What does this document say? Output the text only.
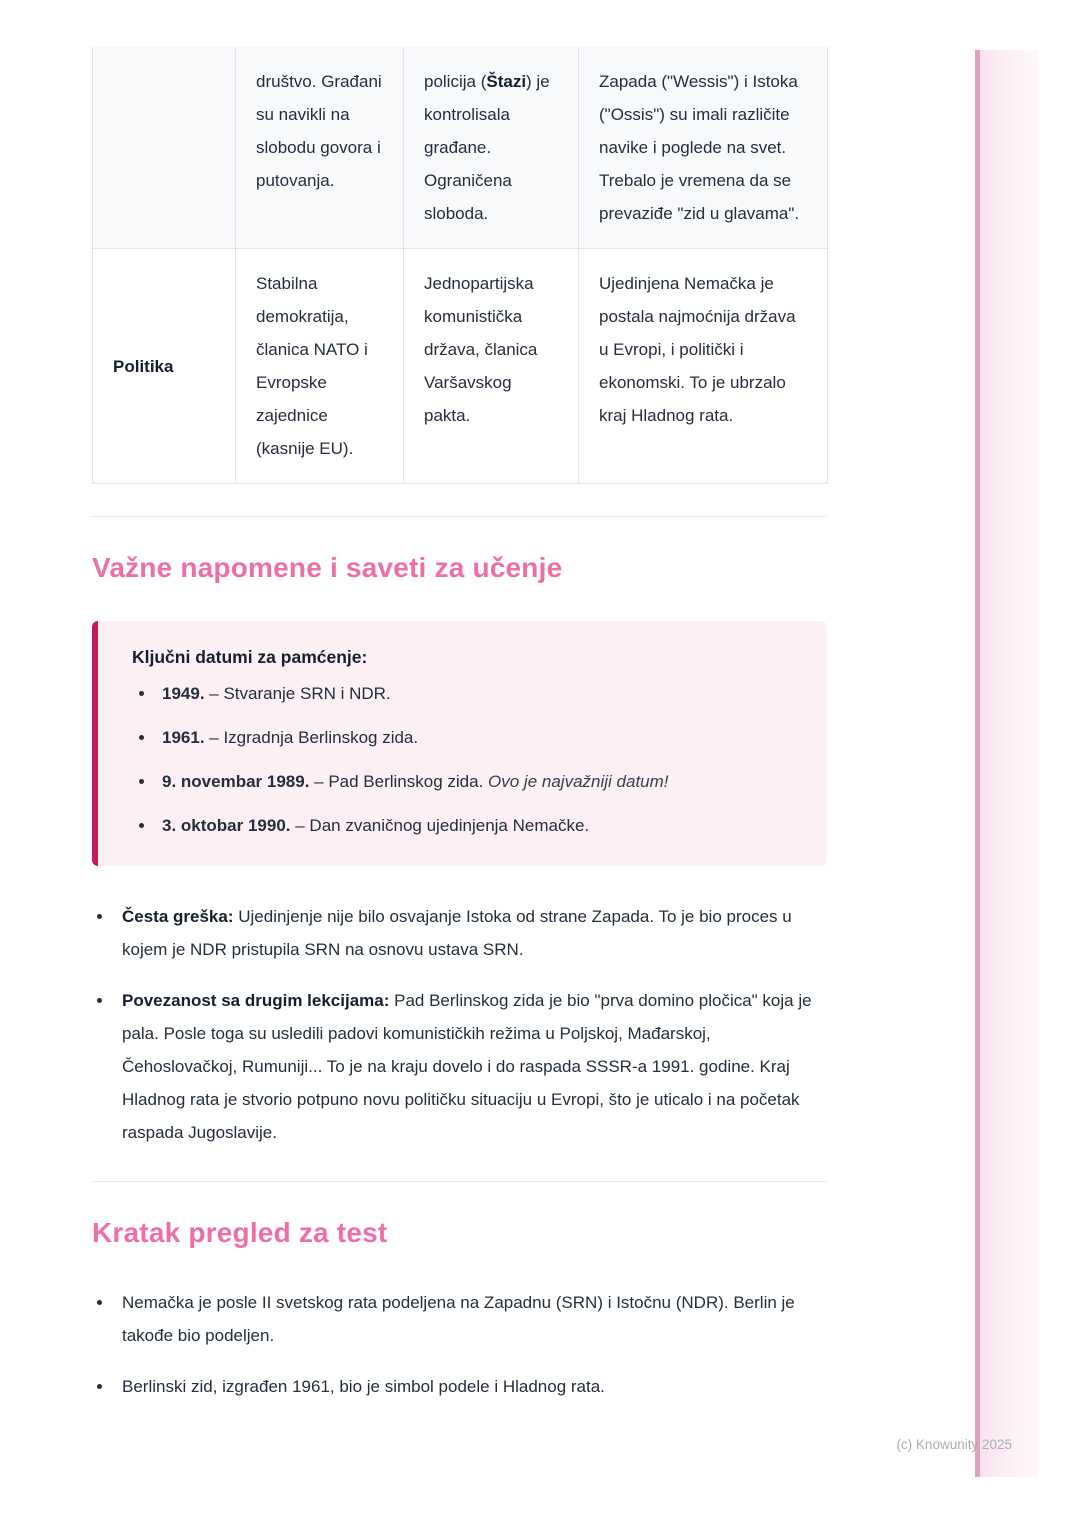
	društvo. Građani su navikli na slobodu govora i putovanja.	policija (Štazi) je kontrolisala građane. Ograničena sloboda.	Zapada ("Wessis") i Istoka ("Ossis") su imali različite navike i poglede na svet. Trebalo je vremena da se prevaziđe "zid u glavama".
Politika	Stabilna demokratija, članica NATO i Evropske zajednice (kasnije EU).	Jednopartijska komunistička država, članica Varšavskog pakta.	Ujedinjena Nemačka je postala najmoćnija država u Evropi, i politički i ekonomski. To je ubrzalo kraj Hladnog rata.
Važne napomene i saveti za učenje

Ključni datumi za pamćenje:

• 1949. – Stvaranje SRN i NDR.
• 1961. – Izgradnja Berlinskog zida.
• 9. novembar 1989. – Pad Berlinskog zida. Ovo je najvažniji datum!
• 3. oktobar 1990. – Dan zvaničnog ujedinjenja Nemačke.
• Česta greška: Ujedinjenje nije bilo osvajanje Istoka od strane Zapada. To je bio proces u kojem je NDR pristupila SRN na osnovu ustava SRN.
• Povezanost sa drugim lekcijama: Pad Berlinskog zida je bio "prva domino pločica" koja je pala. Posle toga su usledili padovi komunističkih režima u Poljskoj, Mađarskoj, Čehoslovačkoj, Rumuniji... To je na kraju dovelo i do raspada SSSR-a 1991. godine. Kraj Hladnog rata je stvorio potpuno novu političku situaciju u Evropi, što je uticalo i na početak raspada Jugoslavije.
Kratak pregled za test
• Nemačka je posle II svetskog rata podeljena na Zapadnu (SRN) i Istočnu (NDR). Berlin je takođe bio podeljen.
• Berlinski zid, izgrađen 1961, bio je simbol podele i Hladnog rata.
(c) Knowunity 2025
